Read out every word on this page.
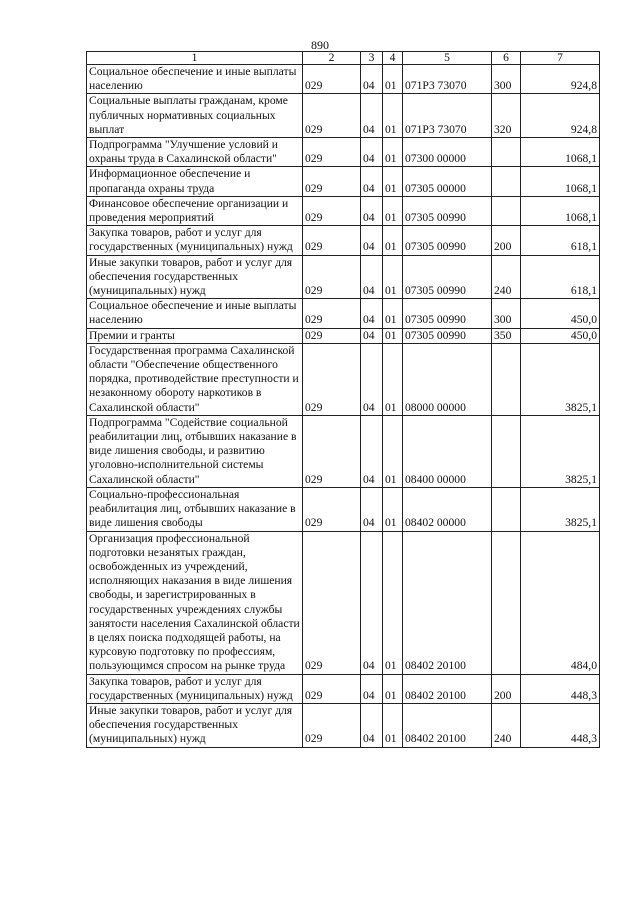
890
1	2	3	4	5	6	7

Социальное обеспечение и иные выплаты населению	029	04	01	071Р3 73070	300	924,8

Социальные выплаты гражданам, кроме публичных нормативных социальных выплат	029	04	01	071Р3 73070	320	924,8

Подпрограмма "Улучшение условий и охраны труда в Сахалинской области"	029	04	01	07300 00000		1068,1

Информационное обеспечение и пропаганда охраны труда	029	04	01	07305 00000		1068,1

Финансовое обеспечение организации и проведения мероприятий	029	04	01	07305 00990		1068,1

Закупка товаров, работ и услуг для государственных (муниципальных) нужд	029	04	01	07305 00990	200	618,1

Иные закупки товаров, работ и услуг для обеспечения государственных (муниципальных) нужд	029	04	01	07305 00990	240	618,1

Социальное обеспечение и иные выплаты населению	029	04	01	07305 00990	300	450,0

Премии и гранты	029	04	01	07305 00990	350	450,0

Государственная программа Сахалинской области "Обеспечение общественного порядка, противодействие преступности и незаконному обороту наркотиков в Сахалинской области"	029	04	01	08000 00000		3825,1

Подпрограмма "Содействие социальной реабилитации лиц, отбывших наказание в виде лишения свободы, и развитию уголовно-исполнительной системы Сахалинской области"	029	04	01	08400 00000		3825,1

Социально-профессиональная реабилитация лиц, отбывших наказание в виде лишения свободы	029	04	01	08402 00000		3825,1

Организация профессиональной подготовки незанятых граждан, освобожденных из учреждений, исполняющих наказания в виде лишения свободы, и зарегистрированных в государственных учреждениях службы занятости населения Сахалинской области в целях поиска подходящей работы, на курсовую подготовку по профессиям, пользующимся спросом на рынке труда	029	04	01	08402 20100		484,0

Закупка товаров, работ и услуг для государственных (муниципальных) нужд	029	04	01	08402 20100	200	448,3

Иные закупки товаров, работ и услуг для обеспечения государственных (муниципальных) нужд	029	04	01	08402 20100	240	448,3
